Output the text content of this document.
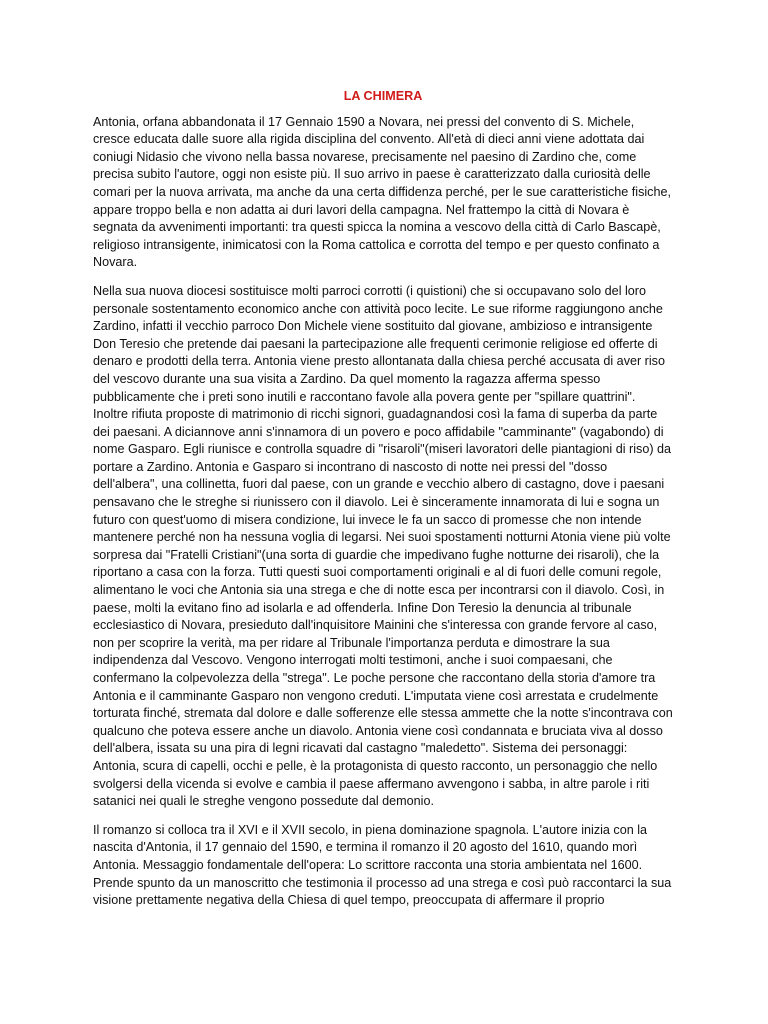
LA CHIMERA

Antonia, orfana abbandonata il 17 Gennaio 1590 a Novara, nei pressi del convento di S. Michele, cresce educata dalle suore alla rigida disciplina del convento. All'età di dieci anni viene adottata dai coniugi Nidasio che vivono nella bassa novarese, precisamente nel paesino di Zardino che, come precisa subito l'autore, oggi non esiste più. Il suo arrivo in paese è caratterizzato dalla curiosità delle comari per la nuova arrivata, ma anche da una certa diffidenza perché, per le sue caratteristiche fisiche, appare troppo bella e non adatta ai duri lavori della campagna. Nel frattempo la città di Novara è segnata da avvenimenti importanti: tra questi spicca la nomina a vescovo della città di Carlo Bascapè, religioso intransigente, inimicatosi con la Roma cattolica e corrotta del tempo e per questo confinato a Novara.

Nella sua nuova diocesi sostituisce molti parroci corrotti (i quistioni) che si occupavano solo del loro personale sostentamento economico anche con attività poco lecite. Le sue riforme raggiungono anche Zardino, infatti il vecchio parroco Don Michele viene sostituito dal giovane, ambizioso e intransigente Don Teresio che pretende dai paesani la partecipazione alle frequenti cerimonie religiose ed offerte di denaro e prodotti della terra. Antonia viene presto allontanata dalla chiesa perché accusata di aver riso del vescovo durante una sua visita a Zardino. Da quel momento la ragazza afferma spesso pubblicamente che i preti sono inutili e raccontano favole alla povera gente per "spillare quattrini". Inoltre rifiuta proposte di matrimonio di ricchi signori, guadagnandosi così la fama di superba da parte dei paesani. A diciannove anni s'innamora di un povero e poco affidabile "camminante" (vagabondo) di nome Gasparo. Egli riunisce e controlla squadre di "risaroli"(miseri lavoratori delle piantagioni di riso) da portare a Zardino. Antonia e Gasparo si incontrano di nascosto di notte nei pressi del "dosso dell'albera", una collinetta, fuori dal paese, con un grande e vecchio albero di castagno, dove i paesani pensavano che le streghe si riunissero con il diavolo. Lei è sinceramente innamorata di lui e sogna un futuro con quest'uomo di misera condizione, lui invece le fa un sacco di promesse che non intende mantenere perché non ha nessuna voglia di legarsi. Nei suoi spostamenti notturni Atonia viene più volte sorpresa dai "Fratelli Cristiani"(una sorta di guardie che impedivano fughe notturne dei risaroli), che la riportano a casa con la forza. Tutti questi suoi comportamenti originali e al di fuori delle comuni regole, alimentano le voci che Antonia sia una strega e che di notte esca per incontrarsi con il diavolo. Così, in paese, molti la evitano fino ad isolarla e ad offenderla. Infine Don Teresio la denuncia al tribunale ecclesiastico di Novara, presieduto dall'inquisitore Mainini che s'interessa con grande fervore al caso, non per scoprire la verità, ma per ridare al Tribunale l'importanza perduta e dimostrare la sua indipendenza dal Vescovo. Vengono interrogati molti testimoni, anche i suoi compaesani, che confermano la colpevolezza della "strega". Le poche persone che raccontano della storia d'amore tra Antonia e il camminante Gasparo non vengono creduti. L'imputata viene così arrestata e crudelmente torturata finché, stremata dal dolore e dalle sofferenze elle stessa ammette che la notte s'incontrava con qualcuno che poteva essere anche un diavolo. Antonia viene così condannata e bruciata viva al dosso dell'albera, issata su una pira di legni ricavati dal castagno "maledetto". Sistema dei personaggi: Antonia, scura di capelli, occhi e pelle, è la protagonista di questo racconto, un personaggio che nello svolgersi della vicenda si evolve e cambia il paese affermano avvengono i sabba, in altre parole i riti satanici nei quali le streghe vengono possedute dal demonio.

Il romanzo si colloca tra il XVI e il XVII secolo, in piena dominazione spagnola. L'autore inizia con la nascita d'Antonia, il 17 gennaio del 1590, e termina il romanzo il 20 agosto del 1610, quando morì Antonia. Messaggio fondamentale dell'opera: Lo scrittore racconta una storia ambientata nel 1600. Prende spunto da un manoscritto che testimonia il processo ad una strega e così può raccontarci la sua visione prettamente negativa della Chiesa di quel tempo, preoccupata di affermare il proprio
